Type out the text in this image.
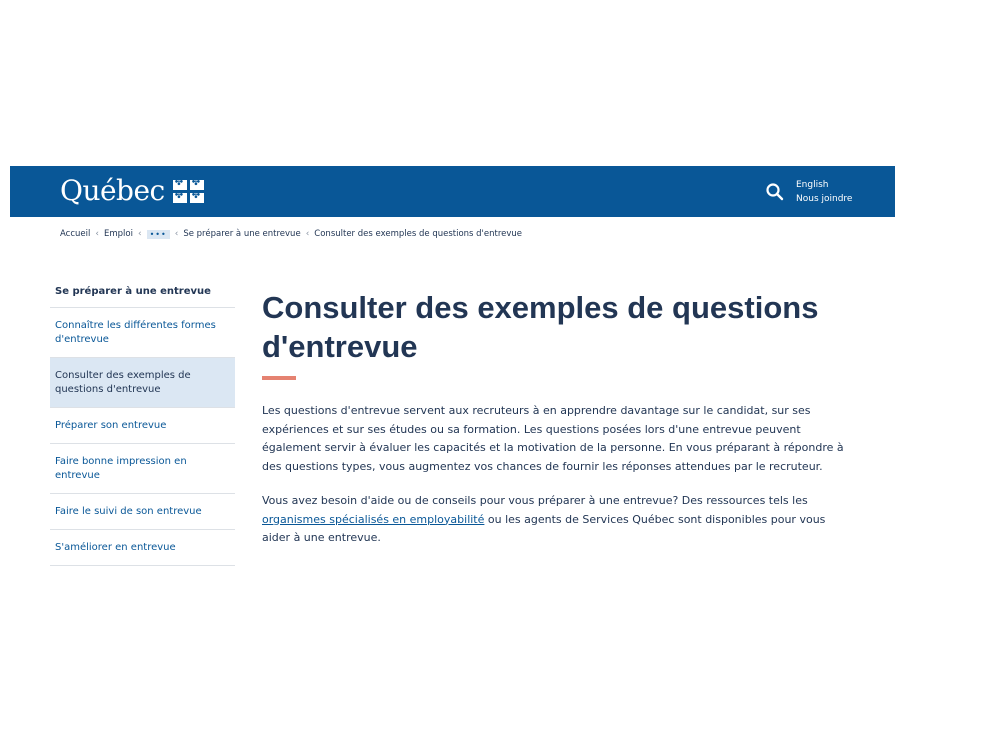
Québec ✤ ✤
✤
✤	English
Nous joindre
Accueil ‹ Emploi ‹	••• ‹ Se préparer à une entrevue ‹ Consulter des exemples de questions d'entrevue
Se préparer à une entrevue
Connaître les différentes formes d'entrevue
Consulter des exemples de questions d'entrevue
Préparer son entrevue
Faire bonne impression en entrevue
Faire le suivi de son entrevue
S'améliorer en entrevue
Consulter des exemples de questions d'entrevue

Les questions d'entrevue servent aux recruteurs à en apprendre davantage sur le candidat, sur ses expériences et sur ses études ou sa formation. Les questions posées lors d'une entrevue peuvent également servir à évaluer les capacités et la motivation de la personne. En vous préparant à répondre à des questions types, vous augmentez vos chances de fournir les réponses attendues par le recruteur.

Vous avez besoin d'aide ou de conseils pour vous préparer à une entrevue? Des ressources tels les organismes spécialisés en employabilité ou les agents de Services Québec sont disponibles pour vous aider à une entrevue.
